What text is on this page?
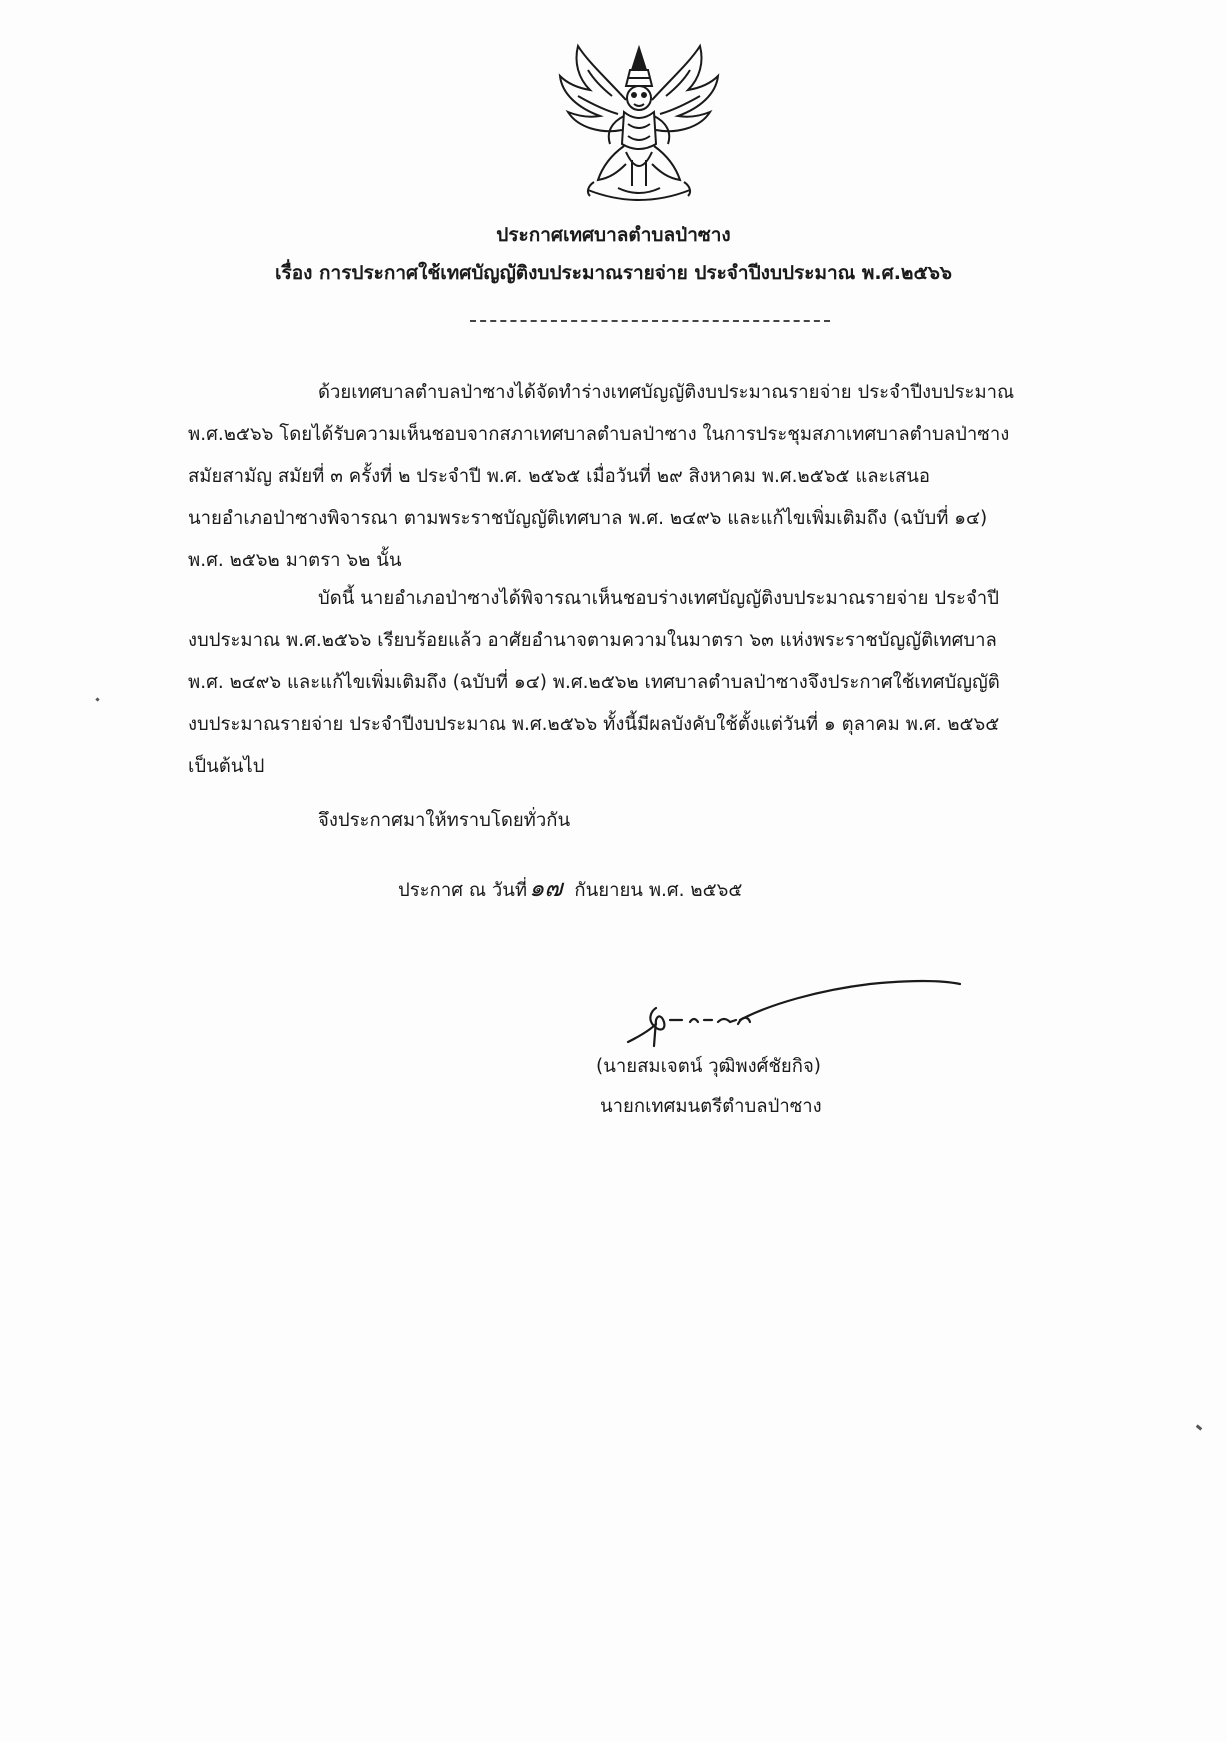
ประกาศเทศบาลตำบลป่าซาง
เรื่อง การประกาศใช้เทศบัญญัติงบประมาณรายจ่าย ประจำปีงบประมาณ พ.ศ.๒๕๖๖
ด้วยเทศบาลตำบลป่าซางได้จัดทำร่างเทศบัญญัติงบประมาณรายจ่าย ประจำปีงบประมาณ
พ.ศ.๒๕๖๖ โดยได้รับความเห็นชอบจากสภาเทศบาลตำบลป่าซาง ในการประชุมสภาเทศบาลตำบลป่าซาง
สมัยสามัญ สมัยที่ ๓ ครั้งที่ ๒ ประจำปี พ.ศ. ๒๕๖๕ เมื่อวันที่ ๒๙ สิงหาคม พ.ศ.๒๕๖๕ และเสนอ
นายอำเภอป่าซางพิจารณา ตามพระราชบัญญัติเทศบาล พ.ศ. ๒๔๙๖ และแก้ไขเพิ่มเติมถึง (ฉบับที่ ๑๔)
พ.ศ. ๒๕๖๒ มาตรา ๖๒ นั้น
บัดนี้ นายอำเภอป่าซางได้พิจารณาเห็นชอบร่างเทศบัญญัติงบประมาณรายจ่าย ประจำปี
งบประมาณ พ.ศ.๒๕๖๖ เรียบร้อยแล้ว อาศัยอำนาจตามความในมาตรา ๖๓ แห่งพระราชบัญญัติเทศบาล
พ.ศ. ๒๔๙๖ และแก้ไขเพิ่มเติมถึง (ฉบับที่ ๑๔) พ.ศ.๒๕๖๒ เทศบาลตำบลป่าซางจึงประกาศใช้เทศบัญญัติ
งบประมาณรายจ่าย ประจำปีงบประมาณ พ.ศ.๒๕๖๖ ทั้งนี้มีผลบังคับใช้ตั้งแต่วันที่ ๑ ตุลาคม พ.ศ. ๒๕๖๕
เป็นต้นไป
จึงประกาศมาให้ทราบโดยทั่วกัน
ประกาศ ณ วันที่๑๗ กันยายน พ.ศ. ๒๕๖๕
(นายสมเจตน์ วุฒิพงศ์ชัยกิจ)
นายกเทศมนตรีตำบลป่าซาง
